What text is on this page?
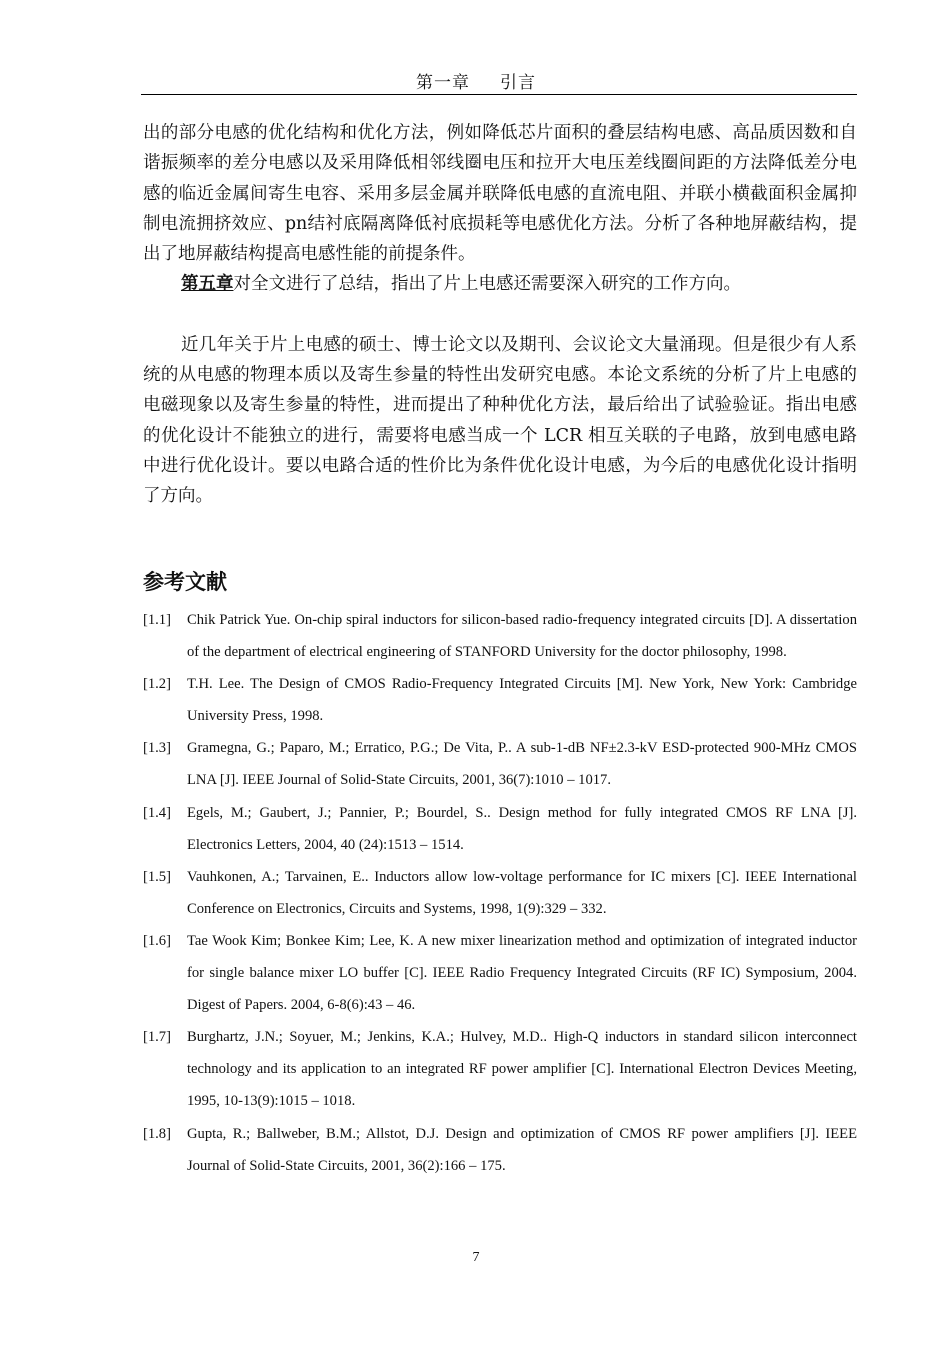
第一章 引言

出的部分电感的优化结构和优化方法，例如降低芯片面积的叠层结构电感、高品质因数和自谐振频率的差分电感以及采用降低相邻线圈电压和拉开大电压差线圈间距的方法降低差分电感的临近金属间寄生电容、采用多层金属并联降低电感的直流电阻、并联小横截面积金属抑制电流拥挤效应、pn结衬底隔离降低衬底损耗等电感优化方法。分析了各种地屏蔽结构，提出了地屏蔽结构提高电感性能的前提条件。

第五章对全文进行了总结，指出了片上电感还需要深入研究的工作方向。

近几年关于片上电感的硕士、博士论文以及期刊、会议论文大量涌现。但是很少有人系统的从电感的物理本质以及寄生参量的特性出发研究电感。本论文系统的分析了片上电感的电磁现象以及寄生参量的特性，进而提出了种种优化方法，最后给出了试验验证。指出电感的优化设计不能独立的进行，需要将电感当成一个 LCR 相互关联的子电路，放到电感电路中进行优化设计。要以电路合适的性价比为条件优化设计电感，为今后的电感优化设计指明了方向。

参考文献
[1.1]	Chik Patrick Yue. On-chip spiral inductors for silicon-based radio-frequency integrated circuits [D]. A dissertation of the department of electrical engineering of STANFORD University for the doctor philosophy, 1998.
[1.2]	T.H. Lee. The Design of CMOS Radio-Frequency Integrated Circuits [M]. New York, New York: Cambridge University Press, 1998.
[1.3]	Gramegna, G.; Paparo, M.; Erratico, P.G.; De Vita, P.. A sub-1-dB NF±2.3-kV ESD-protected 900-MHz CMOS LNA [J]. IEEE Journal of Solid-State Circuits, 2001, 36(7):1010 – 1017.
[1.4]	Egels, M.; Gaubert, J.; Pannier, P.; Bourdel, S.. Design method for fully integrated CMOS RF LNA [J]. Electronics Letters, 2004, 40 (24):1513 – 1514.
[1.5]	Vauhkonen, A.; Tarvainen, E.. Inductors allow low-voltage performance for IC mixers [C]. IEEE International Conference on Electronics, Circuits and Systems, 1998, 1(9):329 – 332.
[1.6]	Tae Wook Kim; Bonkee Kim; Lee, K. A new mixer linearization method and optimization of integrated inductor for single balance mixer LO buffer [C]. IEEE Radio Frequency Integrated Circuits (RF IC) Symposium, 2004. Digest of Papers. 2004, 6-8(6):43 – 46.
[1.7]	Burghartz, J.N.; Soyuer, M.; Jenkins, K.A.; Hulvey, M.D.. High-Q inductors in standard silicon interconnect technology and its application to an integrated RF power amplifier [C]. International Electron Devices Meeting, 1995, 10-13(9):1015 – 1018.
[1.8]	Gupta, R.; Ballweber, B.M.; Allstot, D.J. Design and optimization of CMOS RF power amplifiers [J]. IEEE Journal of Solid-State Circuits, 2001, 36(2):166 – 175.
7
